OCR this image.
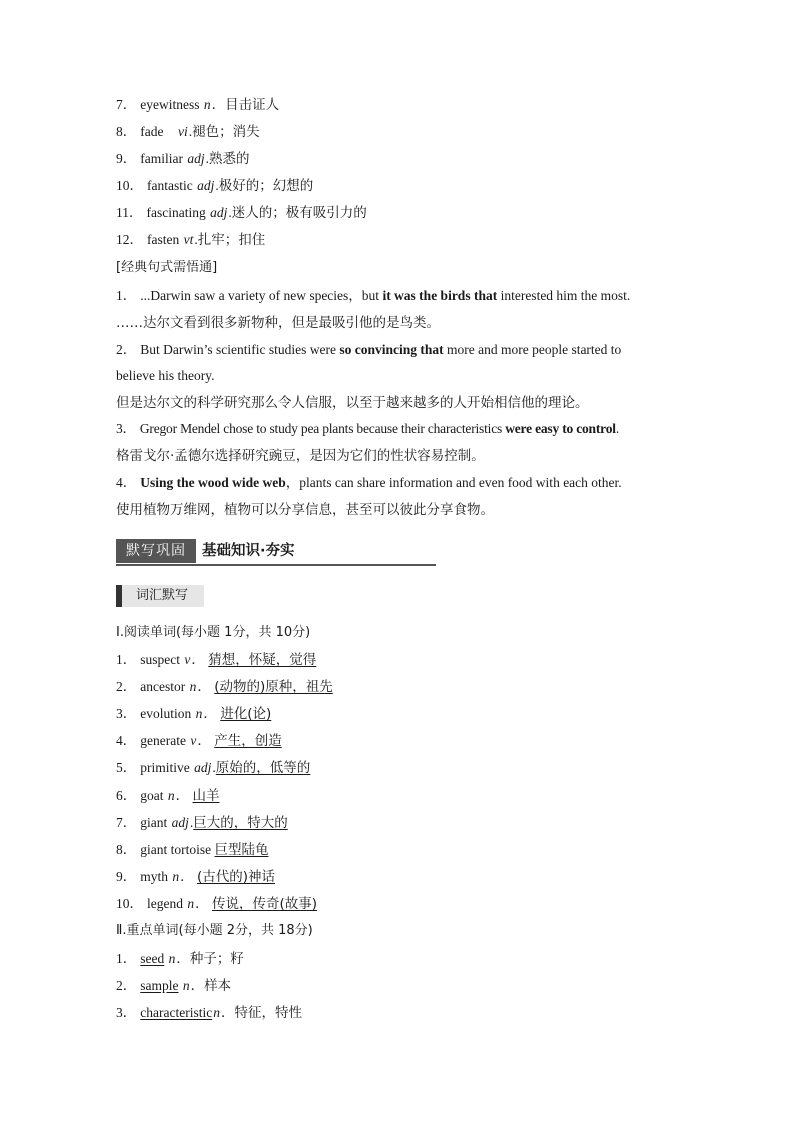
7． eyewitness n．目击证人
8． fade vi.褪色；消失
9． familiar adj.熟悉的
10． fantastic adj.极好的；幻想的
11． fascinating adj.迷人的；极有吸引力的
12． fasten vt.扎牢；扣住
[经典句式需悟通]
1． ...Darwin saw a variety of new species，but it was the birds that interested him the most.
……达尔文看到很多新物种，但是最吸引他的是鸟类。
2． But Darwin’s scientific studies were so convincing that more and more people started to
believe his theory.
但是达尔文的科学研究那么令人信服，以至于越来越多的人开始相信他的理论。
3． Gregor Mendel chose to study pea plants because their characteristics were easy to control.
格雷戈尔·孟德尔选择研究豌豆，是因为它们的性状容易控制。
4． Using the wood wide web，plants can share information and even food with each other.
使用植物万维网，植物可以分享信息，甚至可以彼此分享食物。
默写巩固	基础知识·夯实
词汇默写
Ⅰ.阅读单词(每小题 1分，共 10分)
1． suspect v． 猜想，怀疑，觉得
2． ancestor n． (动物的)原种，祖先
3． evolution n． 进化(论)
4． generate v． 产生，创造
5． primitive adj.原始的，低等的
6． goat n． 山羊
7． giant adj.巨大的，特大的
8． giant tortoise 巨型陆龟
9． myth n． (古代的)神话
10． legend n． 传说，传奇(故事)
Ⅱ.重点单词(每小题 2分，共 18分)
1． seed n．种子；籽
2． sample n．样本
3． characteristicn．特征，特性
